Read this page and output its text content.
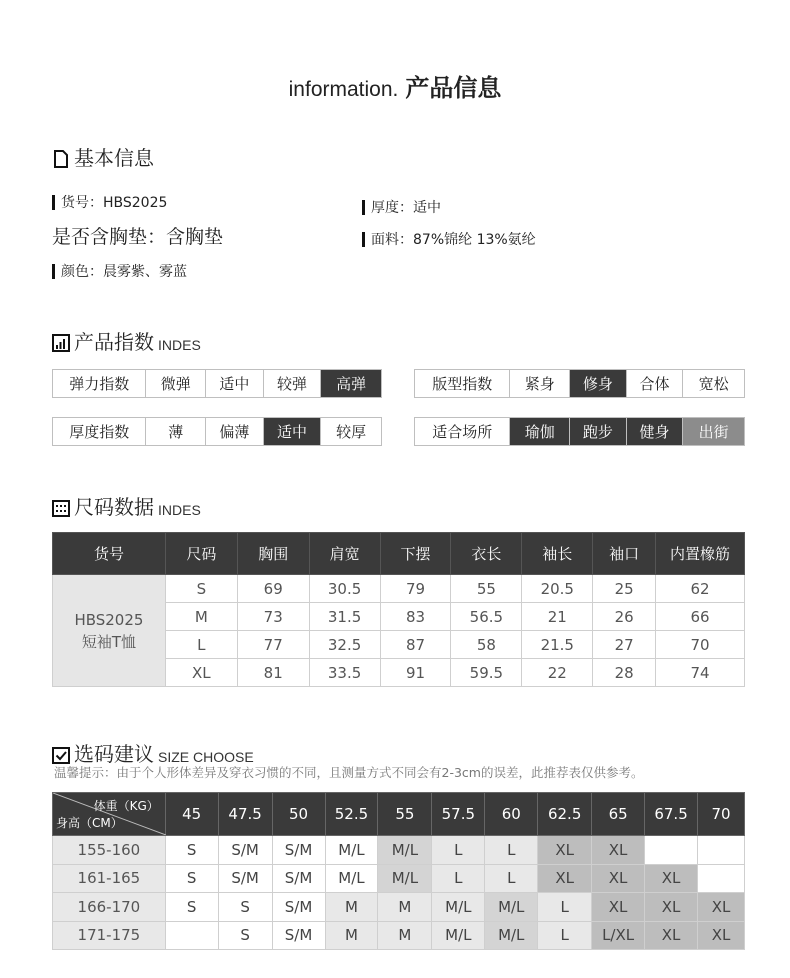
information. 产品信息
基本信息
货号：HBS2025
是否含胸垫：含胸垫
颜色：晨雾紫、雾蓝
厚度：适中
面料：87%锦纶 13%氨纶
产品指数 INDES
弹力指数	微弹	适中	较弹	高弹	版型指数	紧身	修身	合体	宽松
厚度指数	薄	偏薄	适中	较厚	适合场所	瑜伽	跑步	健身	出街
尺码数据 INDES
货号	尺码	胸围	肩宽	下摆	衣长	袖长	袖口	内置橡筋

HBS2025
短袖T恤	S	69	30.5	79	55	20.5	25	62
	M	73	31.5	83	56.5	21	26	66
	L	77	32.5	87	58	21.5	27	70
	XL	81	33.5	91	59.5	22	28	74
选码建议 SIZE CHOOSE
温馨提示：由于个人形体差异及穿衣习惯的不同，且测量方式不同会有2-3cm的误差，此推荐表仅供参考。
体重（KG）
身高（CM）	45	47.5	50	52.5	55	57.5	60	62.5	65	67.5	70
155-160	S	S/M	S/M	M/L	M/L	L	L	XL	XL		
161-165	S	S/M	S/M	M/L	M/L	L	L	XL	XL	XL	
166-170	S	S	S/M	M	M	M/L	M/L	L	XL	XL	XL
171-175		S	S/M	M	M	M/L	M/L	L	L/XL	XL	XL
